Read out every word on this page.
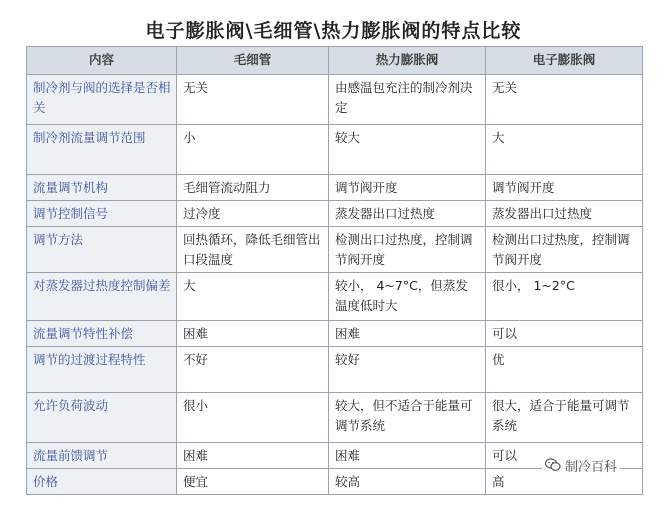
电子膨胀阀\毛细管\热力膨胀阀的特点比较
内容	毛细管	热力膨胀阀	电子膨胀阀
制冷剂与阀的选择是否相关	无关	由感温包充注的制冷剂决定	无关
制冷剂流量调节范围	小	较大	大
流量调节机构	毛细管流动阻力	调节阀开度	调节阀开度
调节控制信号	过冷度	蒸发器出口过热度	蒸发器出口过热度
调节方法	回热循环，降低毛细管出口段温度	检测出口过热度，控制调节阀开度	检测出口过热度，控制调节阀开度
对蒸发器过热度控制偏差	大	较小， 4~7°C，但蒸发温度低时大	很小， 1~2°C
流量调节特性补偿	困难	困难	可以
调节的过渡过程特性	不好	较好	优
允许负荷波动	很小	较大，但不适合于能量可调节系统	很大，适合于能量可调节系统
流量前馈调节	困难	困难	可以
价格	便宜	较高	高
制冷百科
